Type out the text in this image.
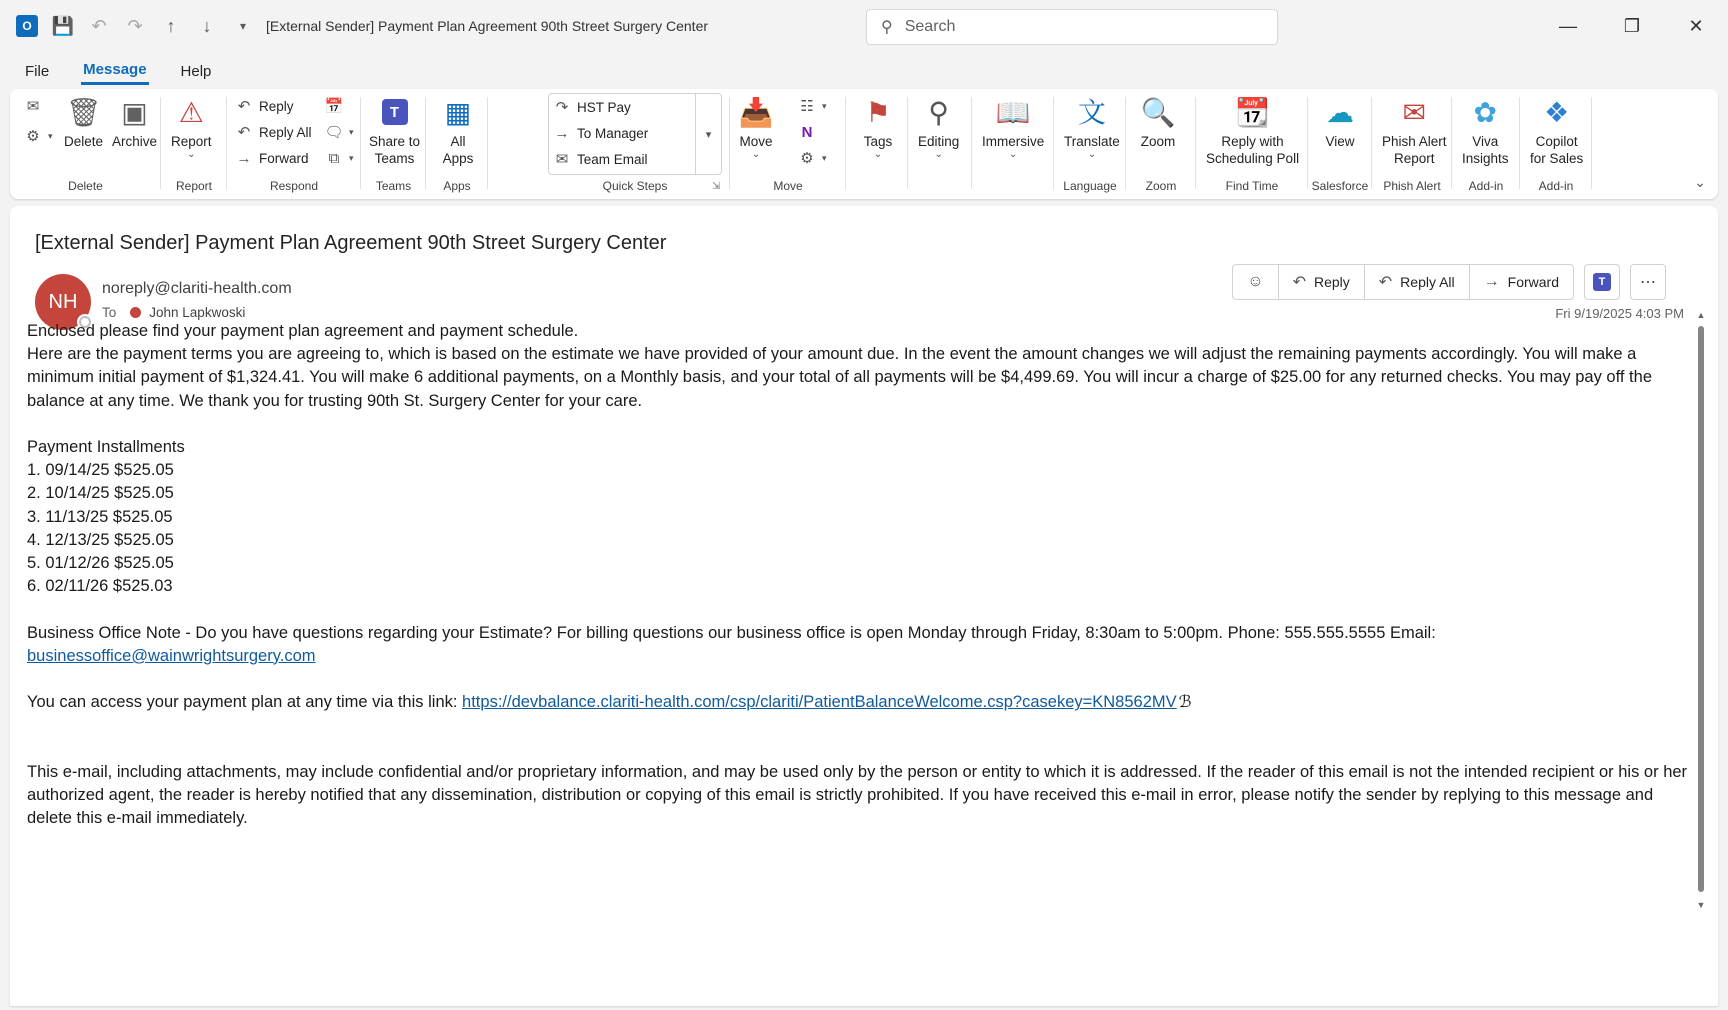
O	💾 ↶ ↷	↑	↓	▾	[External Sender] Payment Plan Agreement 90th Street Surgery Center	⚲ Search	—	❐	✕
File Message Help
✉
⚙ ▾
🗑
Delete
▣
Archive
Delete
⚠
Report
⌄
Report
↶ Reply
↶ Reply All
→ Forward
📅
🗨 ▾
⧉	▾
Respond
T
Share to
Teams
Teams
▦
All
Apps
Apps
↷ HST Pay
→ To Manager
✉ Team Email
▾
⇲
Quick Steps
📥
Move
⌄
☷ ▾
N
⚙ ▾
Move
⚑
Tags
⌄
⚲
Editing
⌄
📖
Immersive
⌄
文
Translate
⌄
Language
🔍
Zoom
Zoom
📆
Reply with
Scheduling Poll
Find Time
☁
View
Salesforce
✉
Phish Alert
Report
Phish Alert
✿
Viva
Insights
Add-in
❖
Copilot
for Sales
Add-in	⌄
[External Sender] Payment Plan Agreement 90th Street Surgery Center
NH
noreply@clariti-health.com
To John Lapkwoski
☺ ↶ Reply ↶ Reply All → Forward	T	⋯
Fri 9/19/2025 4:03 PM

Enclosed please find your payment plan agreement and payment schedule.

Here are the payment terms you are agreeing to, which is based on the estimate we have provided of your amount due. In the event the amount changes we will adjust the remaining payments accordingly. You will make a minimum initial payment of $1,324.41. You will make 6 additional payments, on a Monthly basis, and your total of all payments will be $4,499.69. You will incur a charge of $25.00 for any returned checks. You may pay off the balance at any time. We thank you for trusting 90th St. Surgery Center for your care.

Payment Installments

1. 09/14/25 $525.05

2. 10/14/25 $525.05

3. 11/13/25 $525.05

4. 12/13/25 $525.05

5. 01/12/26 $525.05

6. 02/11/26 $525.03

Business Office Note - Do you have questions regarding your Estimate? For billing questions our business office is open Monday through Friday, 8:30am to 5:00pm. Phone: 555.555.5555 Email:

businessoffice@wainwrightsurgery.com

You can access your payment plan at any time via this link: https://devbalance.clariti-health.com/csp/clariti/PatientBalanceWelcome.csp?casekey=KN8562MV ℬ

This e-mail, including attachments, may include confidential and/or proprietary information, and may be used only by the person or entity to which it is addressed. If the reader of this email is not the intended recipient or his or her authorized agent, the reader is hereby notified that any dissemination, distribution or copying of this email is strictly prohibited. If you have received this e-mail in error, please notify the sender by replying to this message and delete this e-mail immediately.

▲
▼
